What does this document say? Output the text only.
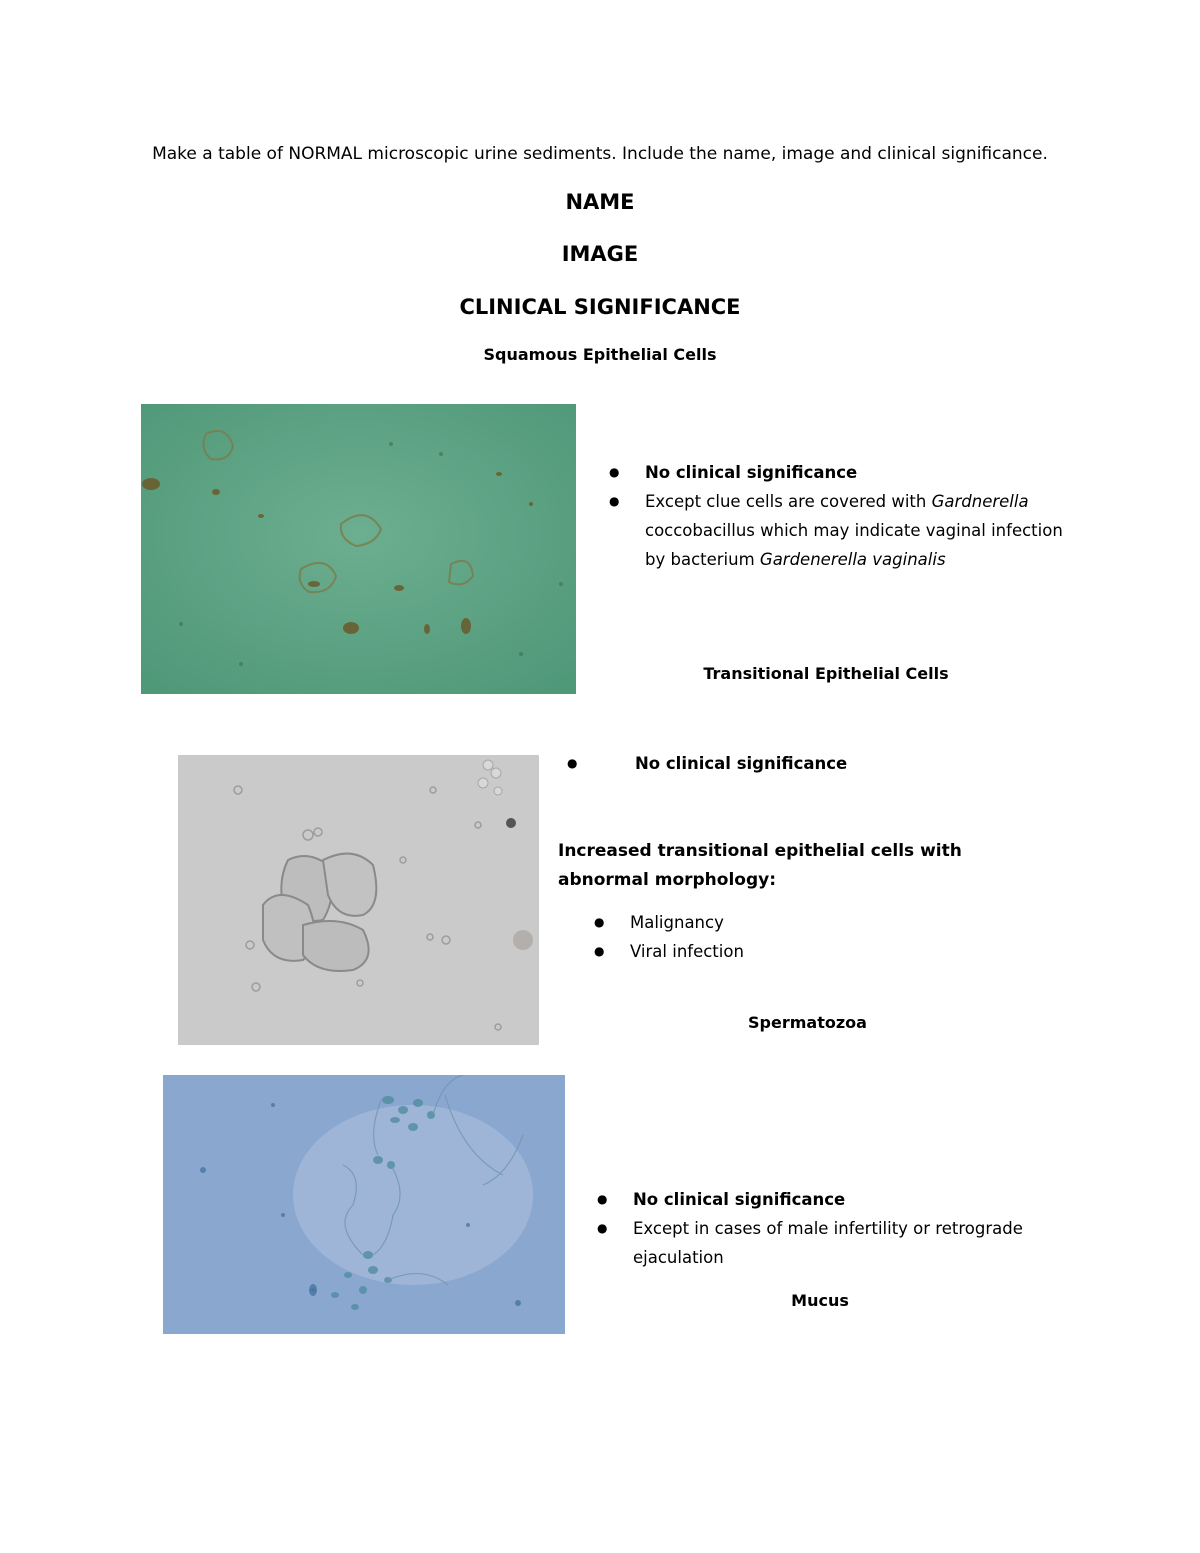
Make a table of NORMAL microscopic urine sediments. Include the name, image and clinical significance.
NAME
IMAGE
CLINICAL SIGNIFICANCE
Squamous Epithelial Cells
● No clinical significance
● Except clue cells are covered with Gardnerella coccobacillus which may indicate vaginal infection by bacterium Gardenerella vaginalis
Transitional Epithelial Cells
● No clinical significance
Increased transitional epithelial cells with abnormal morphology:
● Malignancy
● Viral infection
Spermatozoa
● No clinical significance
● Except in cases of male infertility or retrograde ejaculation
Mucus
